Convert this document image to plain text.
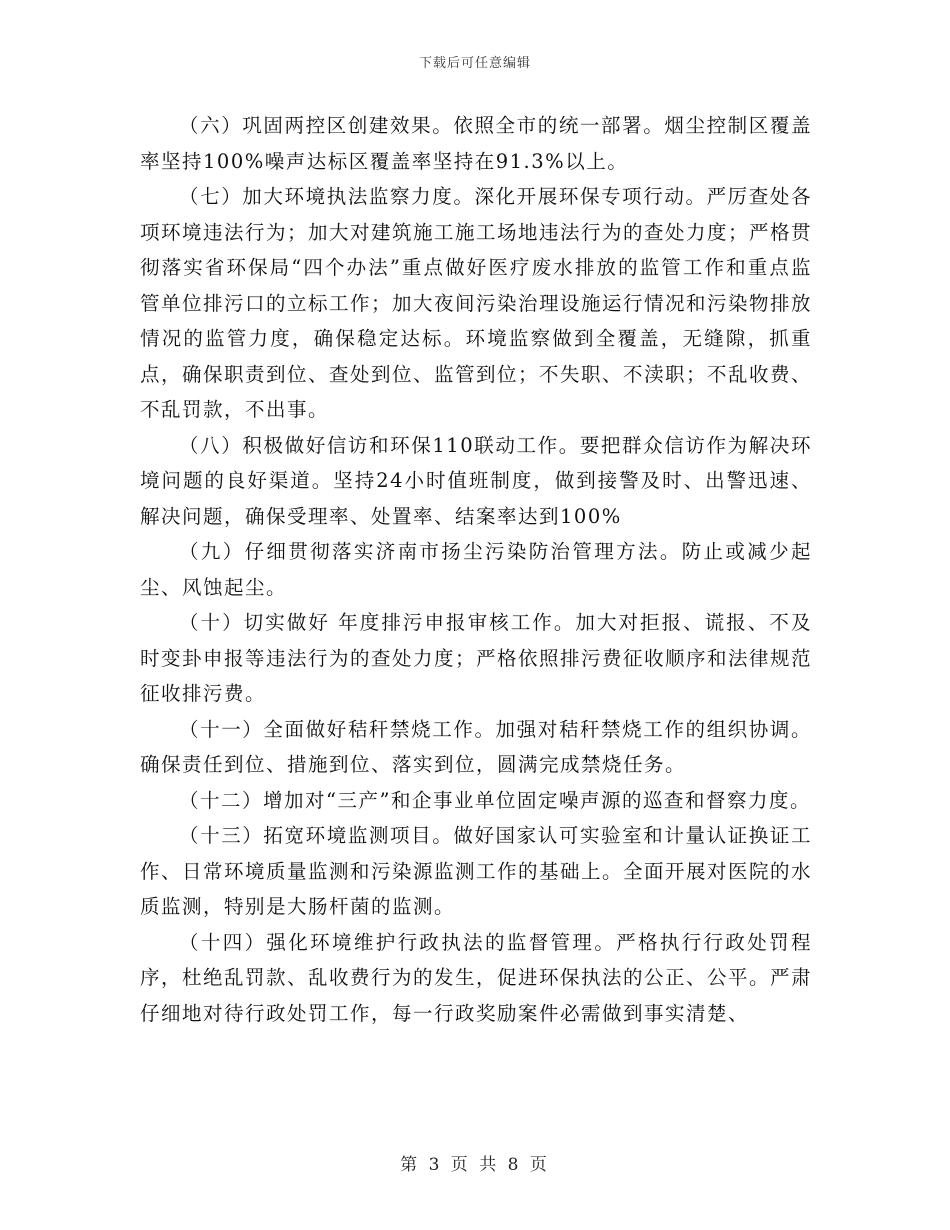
下载后可任意编辑

（六）巩固两控区创建效果。依照全市的统一部署。烟尘控制区覆盖率坚持100%噪声达标区覆盖率坚持在91.3%以上。

（七）加大环境执法监察力度。深化开展环保专项行动。严厉查处各项环境违法行为；加大对建筑施工施工场地违法行为的查处力度；严格贯彻落实省环保局“四个办法”重点做好医疗废水排放的监管工作和重点监管单位排污口的立标工作；加大夜间污染治理设施运行情况和污染物排放情况的监管力度，确保稳定达标。环境监察做到全覆盖，无缝隙，抓重点，确保职责到位、查处到位、监管到位；不失职、不渎职；不乱收费、不乱罚款，不出事。

（八）积极做好信访和环保110联动工作。要把群众信访作为解决环境问题的良好渠道。坚持24小时值班制度，做到接警及时、出警迅速、解决问题，确保受理率、处置率、结案率达到100%

（九）仔细贯彻落实济南市扬尘污染防治管理方法。防止或减少起尘、风蚀起尘。

（十）切实做好 年度排污申报审核工作。加大对拒报、谎报、不及时变卦申报等违法行为的查处力度；严格依照排污费征收顺序和法律规范征收排污费。

（十一）全面做好秸秆禁烧工作。加强对秸秆禁烧工作的组织协调。确保责任到位、措施到位、落实到位，圆满完成禁烧任务。

（十二）增加对“三产”和企事业单位固定噪声源的巡查和督察力度。

（十三）拓宽环境监测项目。做好国家认可实验室和计量认证换证工作、日常环境质量监测和污染源监测工作的基础上。全面开展对医院的水质监测，特别是大肠杆菌的监测。

（十四）强化环境维护行政执法的监督管理。严格执行行政处罚程序，杜绝乱罚款、乱收费行为的发生，促进环保执法的公正、公平。严肃仔细地对待行政处罚工作，每一行政奖励案件必需做到事实清楚、

第 3 页 共 8 页
